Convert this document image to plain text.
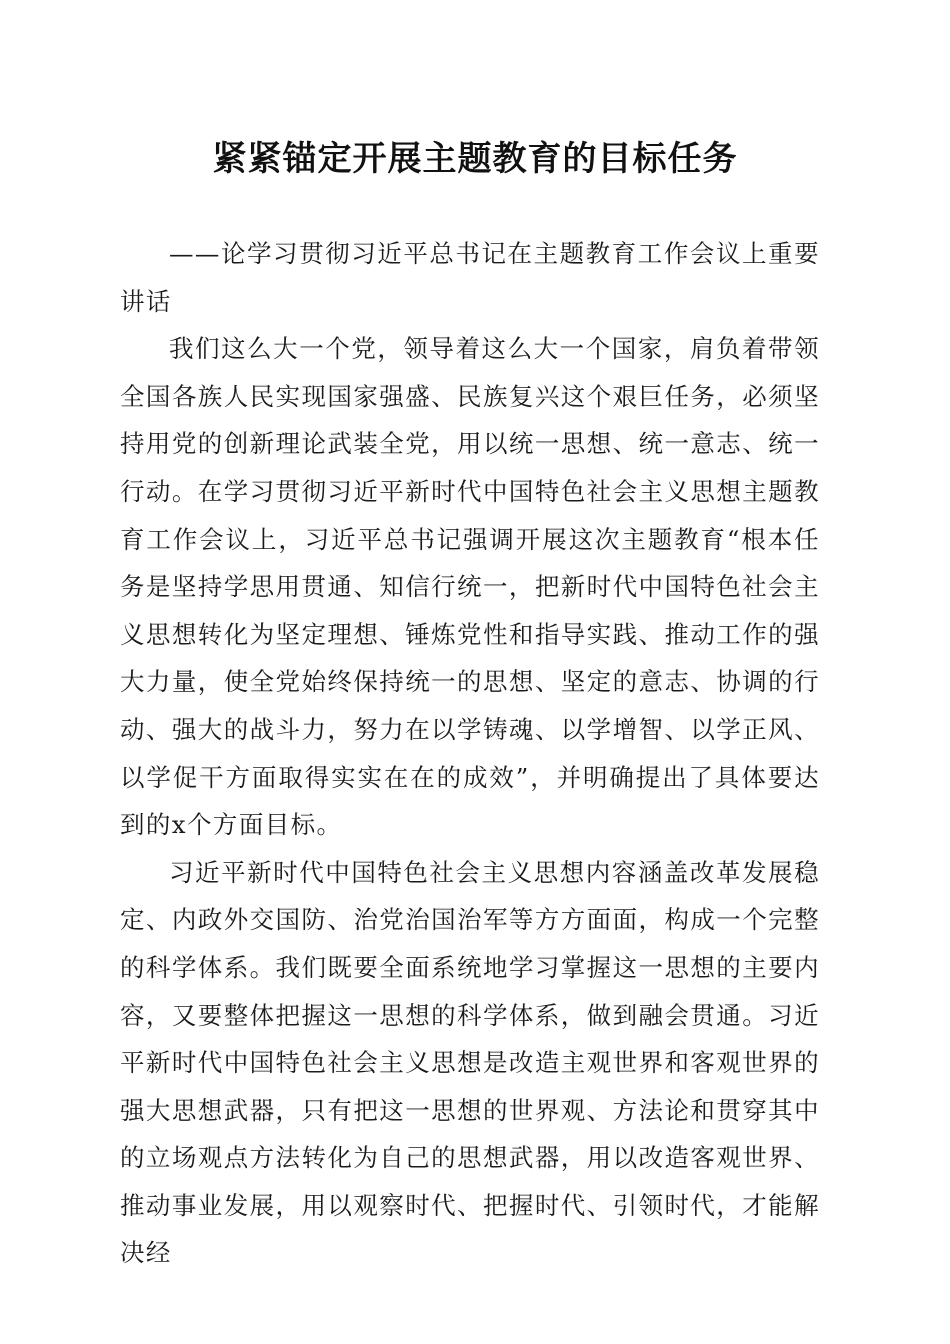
紧紧锚定开展主题教育的目标任务

——论学习贯彻习近平总书记在主题教育工作会议上重要讲话

我们这么大一个党，领导着这么大一个国家，肩负着带领全国各族人民实现国家强盛、民族复兴这个艰巨任务，必须坚持用党的创新理论武装全党，用以统一思想、统一意志、统一行动。在学习贯彻习近平新时代中国特色社会主义思想主题教育工作会议上，习近平总书记强调开展这次主题教育“根本任务是坚持学思用贯通、知信行统一，把新时代中国特色社会主义思想转化为坚定理想、锤炼党性和指导实践、推动工作的强大力量，使全党始终保持统一的思想、坚定的意志、协调的行动、强大的战斗力，努力在以学铸魂、以学增智、以学正风、以学促干方面取得实实在在的成效”，并明确提出了具体要达到的x个方面目标。

习近平新时代中国特色社会主义思想内容涵盖改革发展稳定、内政外交国防、治党治国治军等方方面面，构成一个完整的科学体系。我们既要全面系统地学习掌握这一思想的主要内容，又要整体把握这一思想的科学体系，做到融会贯通。习近平新时代中国特色社会主义思想是改造主观世界和客观世界的强大思想武器，只有把这一思想的世界观、方法论和贯穿其中的立场观点方法转化为自己的思想武器，用以改造客观世界、推动事业发展，用以观察时代、把握时代、引领时代，才能解决经
